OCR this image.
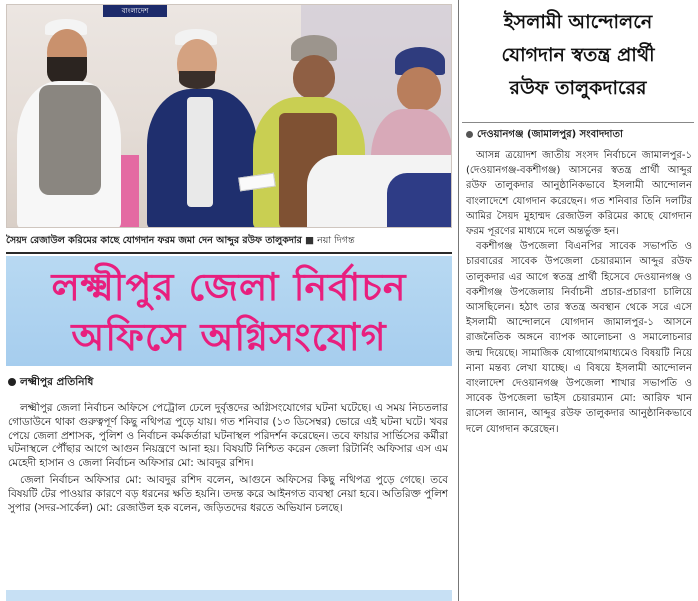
বাংলাদেশ
সৈয়দ রেজাউল করিমের কাছে যোগদান ফরম জমা দেন আব্দুর রউফ তালুকদার ■ নয়া দিগন্ত
লক্ষ্মীপুর জেলা নির্বাচন
অফিসে অগ্নিসংযোগ
লক্ষ্মীপুর প্রতিনিধি

লক্ষ্মীপুর জেলা নির্বাচন অফিসে পেট্রোল ঢেলে দুর্বৃত্তদের অগ্নিসংযোগের ঘটনা ঘটেছে। এ সময় নিচতলার গোডাউনে থাকা গুরুত্বপূর্ণ কিছু নথিপত্র পুড়ে যায়। গত শনিবার (১৩ ডিসেম্বর) ভোরে এই ঘটনা ঘটে। খবর পেয়ে জেলা প্রশাসক, পুলিশ ও নির্বাচন কর্মকর্তারা ঘটনাস্থল পরিদর্শন করেছেন। তবে ফায়ার সার্ভিসের কর্মীরা ঘটনাস্থলে পৌঁছার আগে আগুন নিয়ন্ত্রণে আনা হয়। বিষয়টি নিশ্চিত করেন জেলা রিটার্নিং অফিসার এস এম মেহেদী হাসান ও জেলা নির্বাচন অফিসার মো: আবদুর রশিদ।

জেলা নির্বাচন অফিসার মো: আবদুর রশিদ বলেন, আগুনে অফিসের কিছু নথিপত্র পুড়ে গেছে। তবে বিষয়টি টের পাওয়ার কারণে বড় ধরনের ক্ষতি হয়নি। তদন্ত করে আইনগত ব্যবস্থা নেয়া হবে। অতিরিক্ত পুলিশ সুপার (সদর-সার্কেল) মো: রেজাউল হক বলেন, জড়িতদের ধরতে অভিযান চলছে।

ইসলামী আন্দোলনে
যোগদান স্বতন্ত্র প্রার্থী
রউফ তালুকদারের
দেওয়ানগঞ্জ (জামালপুর) সংবাদদাতা

আসন্ন ত্রয়োদশ জাতীয় সংসদ নির্বাচনে জামালপুর-১ (দেওয়ানগঞ্জ-বকশীগঞ্জ) আসনের স্বতন্ত্র প্রার্থী আব্দুর রউফ তালুকদার আনুষ্ঠানিকভাবে ইসলামী আন্দোলন বাংলাদেশে যোগদান করেছেন। গত শনিবার তিনি দলটির আমির সৈয়দ মুহাম্মদ রেজাউল করিমের কাছে যোগদান ফরম পূরণের মাধ্যমে দলে অন্তর্ভুক্ত হন।

বকশীগঞ্জ উপজেলা বিএনপির সাবেক সভাপতি ও চারবারের সাবেক উপজেলা চেয়ারম্যান আব্দুর রউফ তালুকদার এর আগে স্বতন্ত্র প্রার্থী হিসেবে দেওয়ানগঞ্জ ও বকশীগঞ্জ উপজেলায় নির্বাচনী প্রচার-প্রচারণা চালিয়ে আসছিলেন। হঠাৎ তার স্বতন্ত্র অবস্থান থেকে সরে এসে ইসলামী আন্দোলনে যোগদান জামালপুর-১ আসনে রাজনৈতিক অঙ্গনে ব্যাপক আলোচনা ও সমালোচনার জন্ম দিয়েছে। সামাজিক যোগাযোগমাধ্যমেও বিষয়টি নিয়ে নানা মন্তব্য লেখা যাচ্ছে। এ বিষয়ে ইসলামী আন্দোলন বাংলাদেশ দেওয়ানগঞ্জ উপজেলা শাখার সভাপতি ও সাবেক উপজেলা ভাইস চেয়ারম্যান মো: আরিফ খান রাসেল জানান, আব্দুর রউফ তালুকদার আনুষ্ঠানিকভাবে দলে যোগদান করেছেন।
